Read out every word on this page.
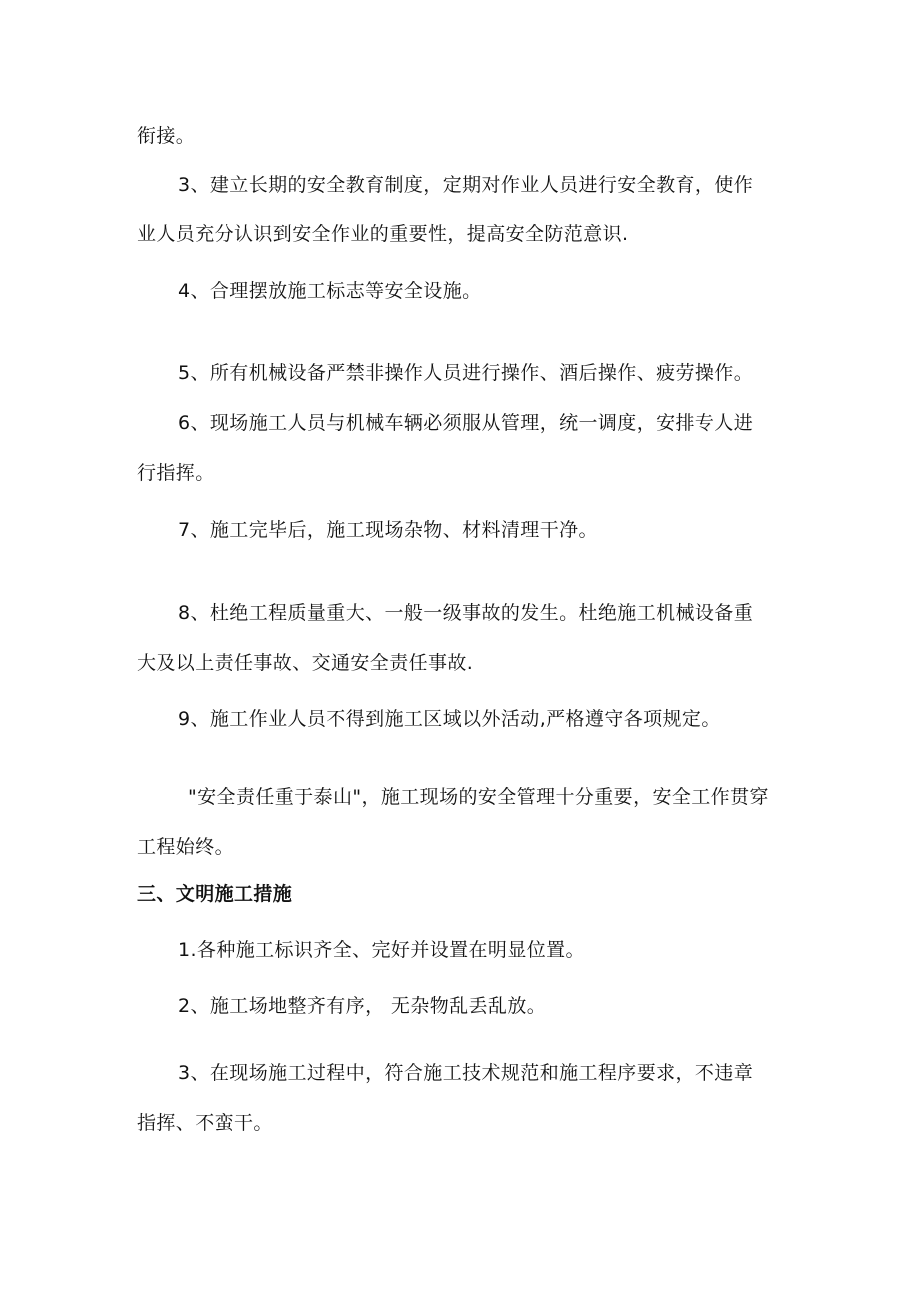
衔接。
3、建立长期的安全教育制度，定期对作业人员进行安全教育，使作
业人员充分认识到安全作业的重要性，提高安全防范意识.
4、合理摆放施工标志等安全设施。
5、所有机械设备严禁非操作人员进行操作、酒后操作、疲劳操作。
6、现场施工人员与机械车辆必须服从管理，统一调度，安排专人进
行指挥。
7、施工完毕后，施工现场杂物、材料清理干净。
8、杜绝工程质量重大、一般一级事故的发生。杜绝施工机械设备重
大及以上责任事故、交通安全责任事故.
9、施工作业人员不得到施工区域以外活动,严格遵守各项规定。
"安全责任重于泰山"，施工现场的安全管理十分重要，安全工作贯穿
工程始终。
三、文明施工措施
1.各种施工标识齐全、完好并设置在明显位置。
2、施工场地整齐有序， 无杂物乱丢乱放。
3、在现场施工过程中，符合施工技术规范和施工程序要求，不违章
指挥、不蛮干。
